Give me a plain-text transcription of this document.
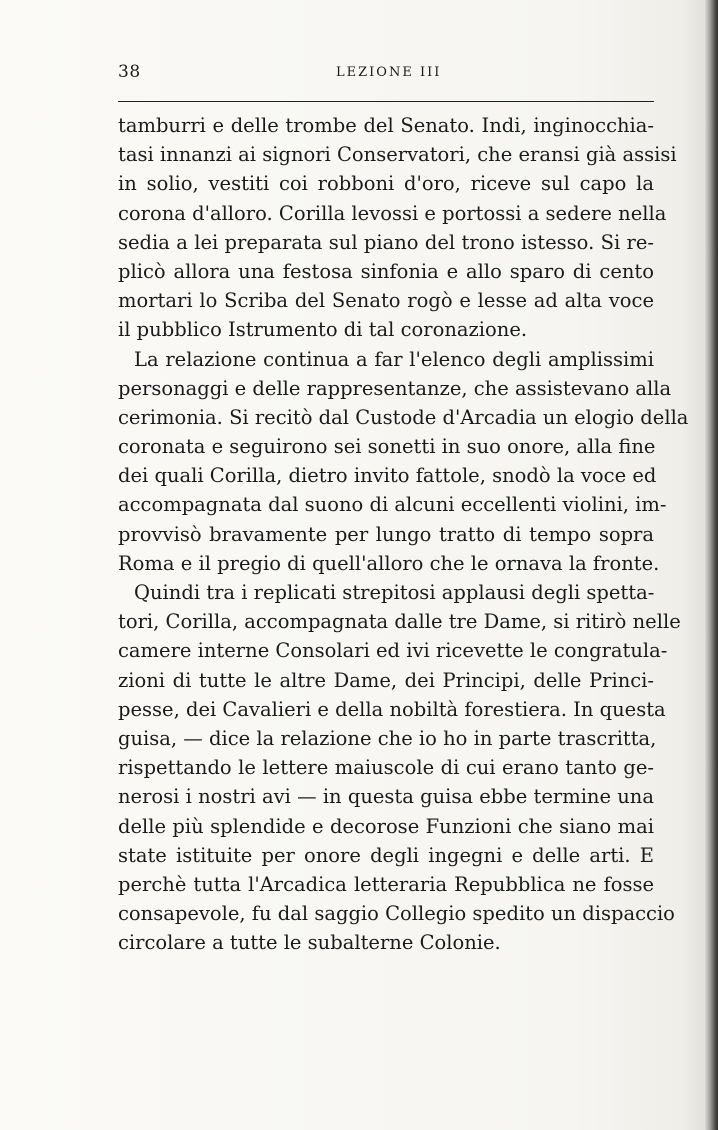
38	LEZIONE III
tamburri e delle trombe del Senato. Indi, inginocchia-
tasi innanzi ai signori Conservatori, che eransi già assisi
in solio, vestiti coi robboni d'oro, riceve sul capo la
corona d'alloro. Corilla levossi e portossi a sedere nella
sedia a lei preparata sul piano del trono istesso. Si re-
plicò allora una festosa sinfonia e allo sparo di cento
mortari lo Scriba del Senato rogò e lesse ad alta voce
il pubblico Istrumento di tal coronazione.
La relazione continua a far l'elenco degli amplissimi
personaggi e delle rappresentanze, che assistevano alla
cerimonia. Si recitò dal Custode d'Arcadia un elogio della
coronata e seguirono sei sonetti in suo onore, alla fine
dei quali Corilla, dietro invito fattole, snodò la voce ed
accompagnata dal suono di alcuni eccellenti violini, im-
provvisò bravamente per lungo tratto di tempo sopra
Roma e il pregio di quell'alloro che le ornava la fronte.
Quindi tra i replicati strepitosi applausi degli spetta-
tori, Corilla, accompagnata dalle tre Dame, si ritirò nelle
camere interne Consolari ed ivi ricevette le congratula-
zioni di tutte le altre Dame, dei Principi, delle Princi-
pesse, dei Cavalieri e della nobiltà forestiera. In questa
guisa, — dice la relazione che io ho in parte trascritta,
rispettando le lettere maiuscole di cui erano tanto ge-
nerosi i nostri avi — in questa guisa ebbe termine una
delle più splendide e decorose Funzioni che siano mai
state istituite per onore degli ingegni e delle arti. E
perchè tutta l'Arcadica letteraria Repubblica ne fosse
consapevole, fu dal saggio Collegio spedito un dispaccio
circolare a tutte le subalterne Colonie.
